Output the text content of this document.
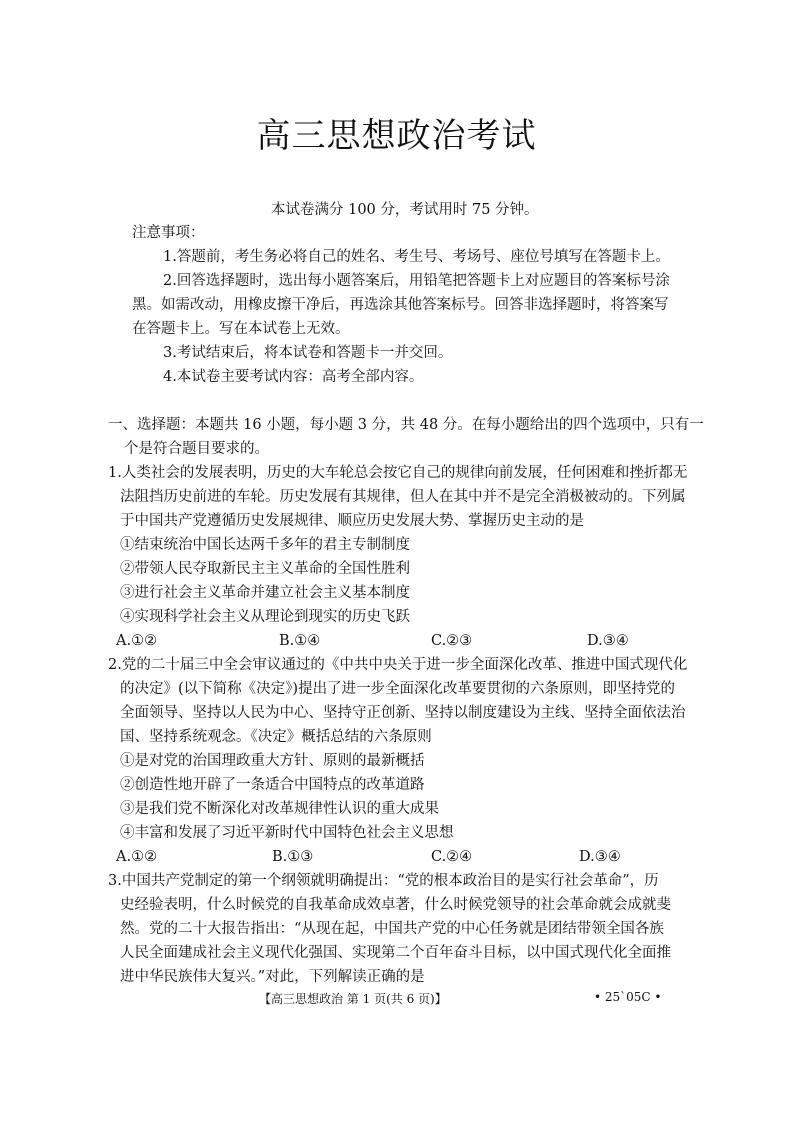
高三思想政治考试
本试卷满分 100 分，考试用时 75 分钟。
注意事项：
1.答题前，考生务必将自己的姓名、考生号、考场号、座位号填写在答题卡上。
2.回答选择题时，选出每小题答案后，用铅笔把答题卡上对应题目的答案标号涂
黑。如需改动，用橡皮擦干净后，再选涂其他答案标号。回答非选择题时，将答案写
在答题卡上。写在本试卷上无效。
3.考试结束后，将本试卷和答题卡一并交回。
4.本试卷主要考试内容：高考全部内容。
一、选择题：本题共 16 小题，每小题 3 分，共 48 分。在每小题给出的四个选项中，只有一
个是符合题目要求的。
1.人类社会的发展表明，历史的大车轮总会按它自己的规律向前发展，任何困难和挫折都无
法阻挡历史前进的车轮。历史发展有其规律，但人在其中并不是完全消极被动的。下列属
于中国共产党遵循历史发展规律、顺应历史发展大势、掌握历史主动的是
①结束统治中国长达两千多年的君主专制制度
②带领人民夺取新民主主义革命的全国性胜利
③进行社会主义革命并建立社会主义基本制度
④实现科学社会主义从理论到现实的历史飞跃
A.①②	B.①④	C.②③	D.③④
2.党的二十届三中全会审议通过的《中共中央关于进一步全面深化改革、推进中国式现代化
的决定》(以下简称《决定》)提出了进一步全面深化改革要贯彻的六条原则，即坚持党的
全面领导、坚持以人民为中心、坚持守正创新、坚持以制度建设为主线、坚持全面依法治
国、坚持系统观念。《决定》概括总结的六条原则
①是对党的治国理政重大方针、原则的最新概括
②创造性地开辟了一条适合中国特点的改革道路
③是我们党不断深化对改革规律性认识的重大成果
④丰富和发展了习近平新时代中国特色社会主义思想
A.①②	B.①③	C.②④	D.③④
3.中国共产党制定的第一个纲领就明确提出：“党的根本政治目的是实行社会革命”，历
史经验表明，什么时候党的自我革命成效卓著，什么时候党领导的社会革命就会成就斐
然。党的二十大报告指出：“从现在起，中国共产党的中心任务就是团结带领全国各族
人民全面建成社会主义现代化强国、实现第二个百年奋斗目标，以中国式现代化全面推
进中华民族伟大复兴。”对此，下列解读正确的是
【高三思想政治 第 1 页(共 6 页)】	• 25`05C •
